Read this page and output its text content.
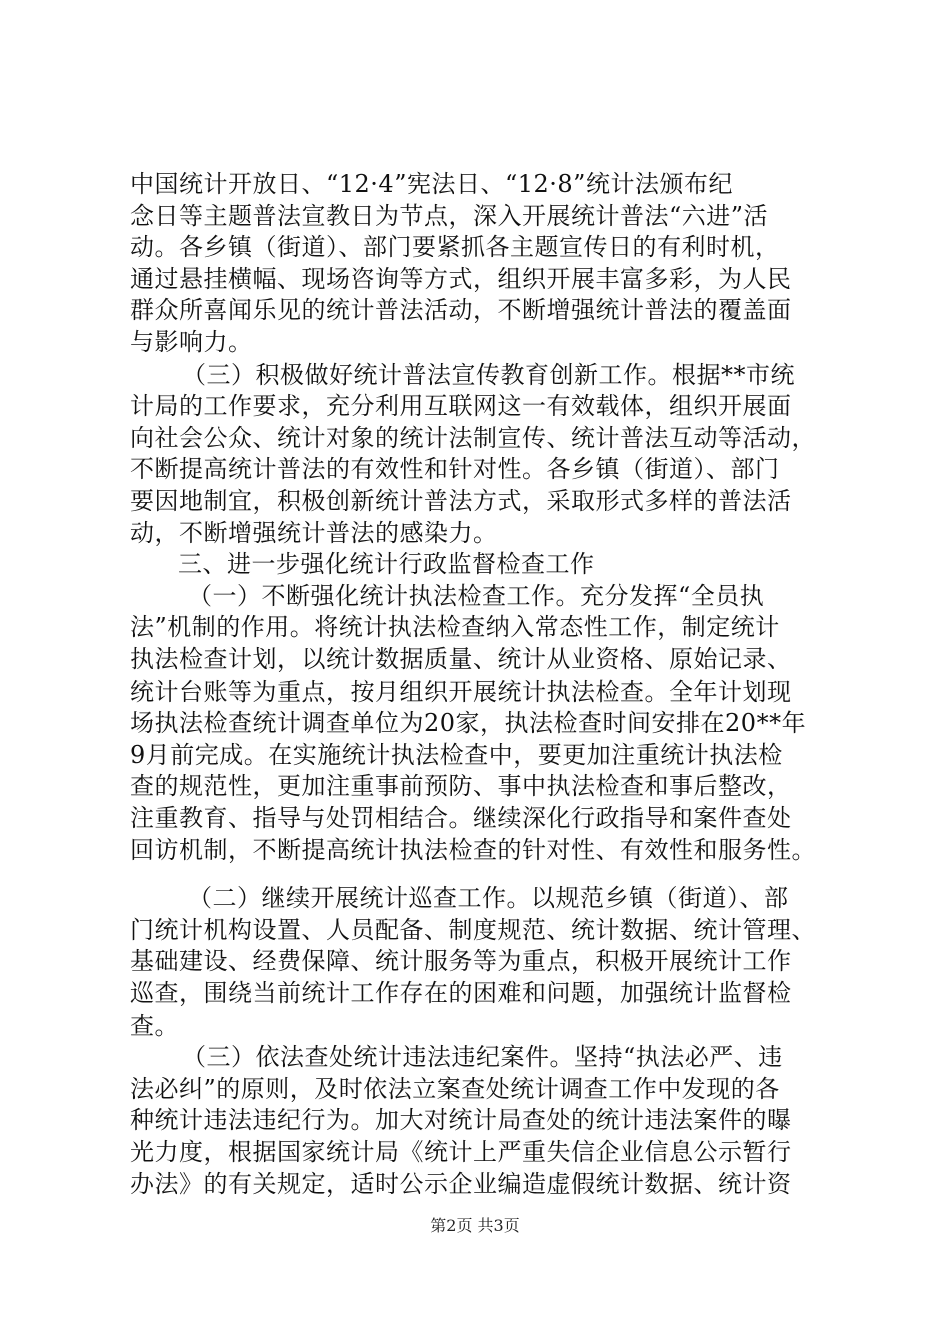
中国统计开放日、“12·4”宪法日、“12·8”统计法颁布纪
念日等主题普法宣教日为节点，深入开展统计普法“六进”活
动。各乡镇（街道）、部门要紧抓各主题宣传日的有利时机，
通过悬挂横幅、现场咨询等方式，组织开展丰富多彩，为人民
群众所喜闻乐见的统计普法活动，不断增强统计普法的覆盖面
与影响力。
（三）积极做好统计普法宣传教育创新工作。根据**市统
计局的工作要求，充分利用互联网这一有效载体，组织开展面
向社会公众、统计对象的统计法制宣传、统计普法互动等活动，
不断提高统计普法的有效性和针对性。各乡镇（街道）、部门
要因地制宜，积极创新统计普法方式，采取形式多样的普法活
动，不断增强统计普法的感染力。
三、进一步强化统计行政监督检查工作
（一）不断强化统计执法检查工作。充分发挥“全员执
法”机制的作用。将统计执法检查纳入常态性工作，制定统计
执法检查计划，以统计数据质量、统计从业资格、原始记录、
统计台账等为重点，按月组织开展统计执法检查。全年计划现
场执法检查统计调查单位为20家，执法检查时间安排在20**年
9月前完成。在实施统计执法检查中，要更加注重统计执法检
查的规范性，更加注重事前预防、事中执法检查和事后整改，
注重教育、指导与处罚相结合。继续深化行政指导和案件查处
回访机制，不断提高统计执法检查的针对性、有效性和服务性。
（二）继续开展统计巡查工作。以规范乡镇（街道）、部
门统计机构设置、人员配备、制度规范、统计数据、统计管理、
基础建设、经费保障、统计服务等为重点，积极开展统计工作
巡查，围绕当前统计工作存在的困难和问题，加强统计监督检
查。
（三）依法查处统计违法违纪案件。坚持“执法必严、违
法必纠”的原则，及时依法立案查处统计调查工作中发现的各
种统计违法违纪行为。加大对统计局查处的统计违法案件的曝
光力度，根据国家统计局《统计上严重失信企业信息公示暂行
办法》的有关规定，适时公示企业编造虚假统计数据、统计资
第2页 共3页
